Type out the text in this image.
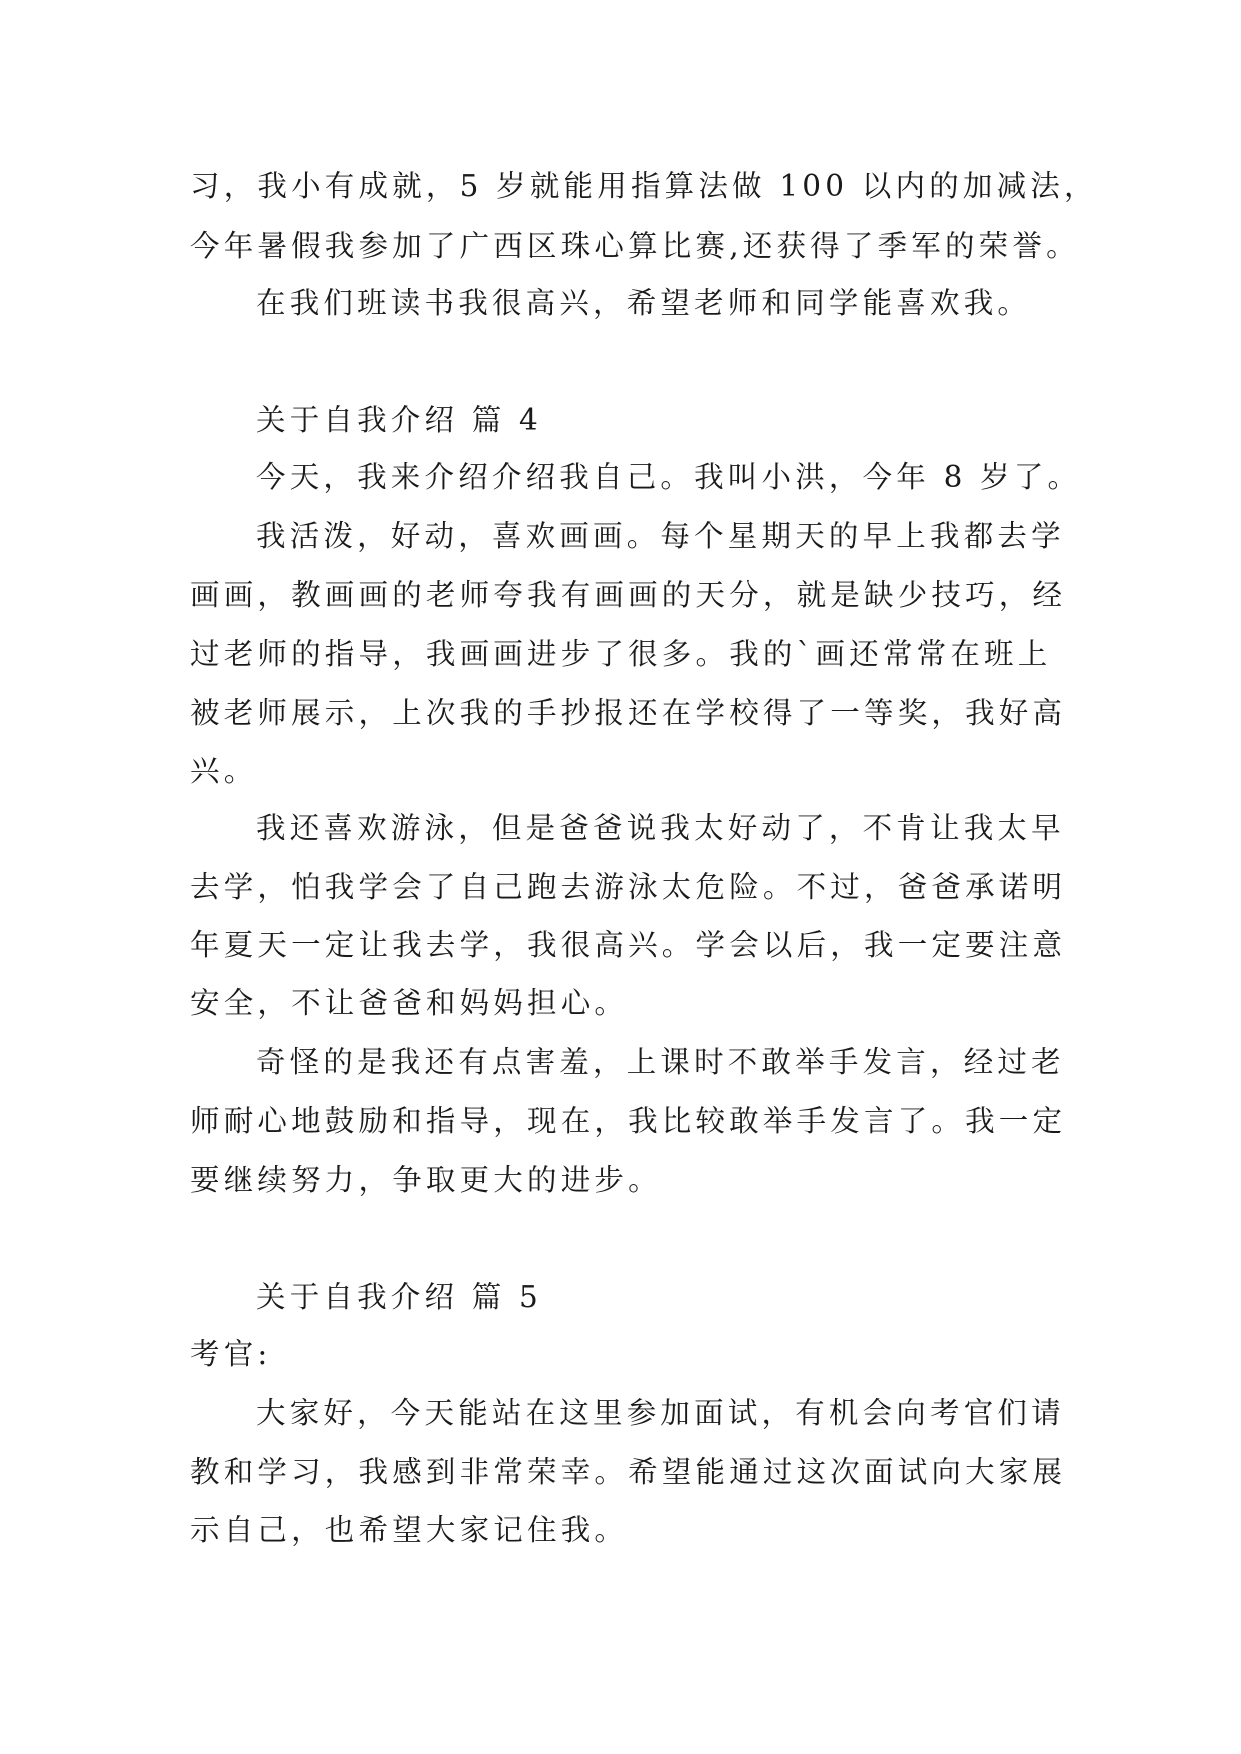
习，我小有成就，5 岁就能用指算法做 100 以内的加减法，
今年暑假我参加了广西区珠心算比赛,还获得了季军的荣誉。
在我们班读书我很高兴，希望老师和同学能喜欢我。
关于自我介绍 篇 4
今天，我来介绍介绍我自己。我叫小洪，今年 8 岁了。
我活泼，好动，喜欢画画。每个星期天的早上我都去学
画画，教画画的老师夸我有画画的天分，就是缺少技巧，经
过老师的指导，我画画进步了很多。我的`画还常常在班上
被老师展示，上次我的手抄报还在学校得了一等奖，我好高
兴。
我还喜欢游泳，但是爸爸说我太好动了，不肯让我太早
去学，怕我学会了自己跑去游泳太危险。不过，爸爸承诺明
年夏天一定让我去学，我很高兴。学会以后，我一定要注意
安全，不让爸爸和妈妈担心。
奇怪的是我还有点害羞，上课时不敢举手发言，经过老
师耐心地鼓励和指导，现在，我比较敢举手发言了。我一定
要继续努力，争取更大的进步。
关于自我介绍 篇 5
考官:
大家好，今天能站在这里参加面试，有机会向考官们请
教和学习，我感到非常荣幸。希望能通过这次面试向大家展
示自己，也希望大家记住我。
